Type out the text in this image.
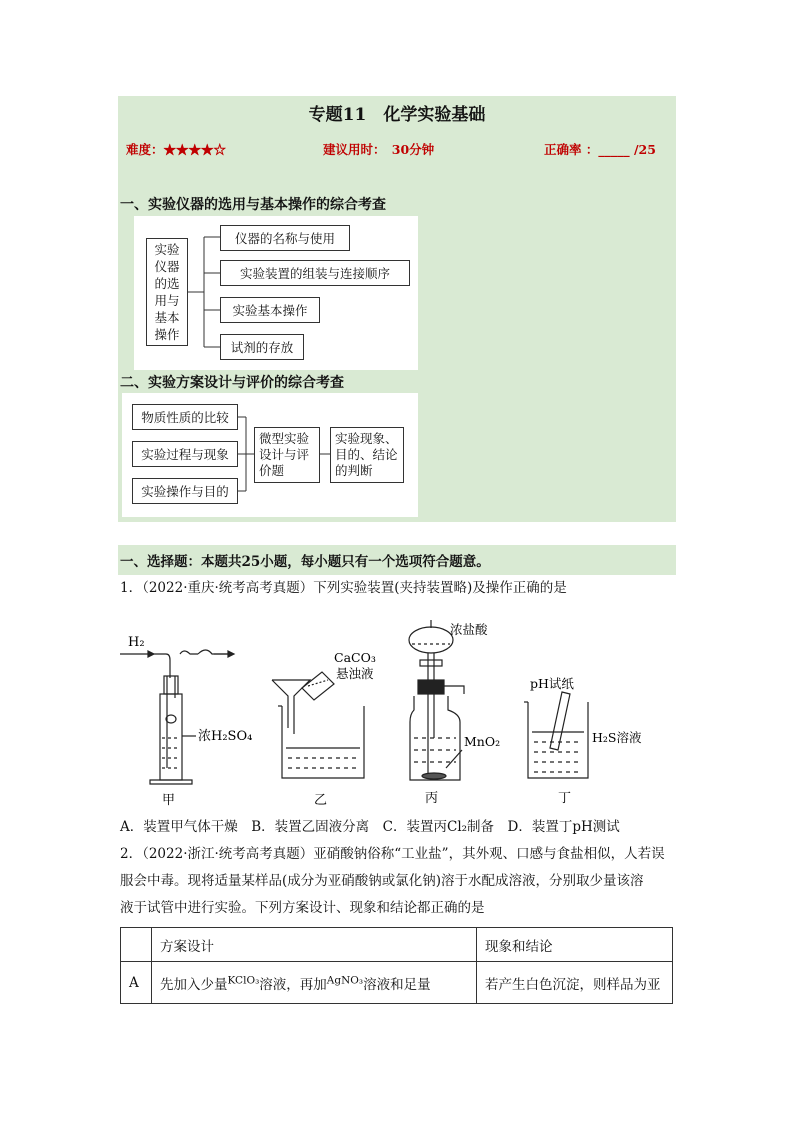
专题11　化学实验基础
难度：★★★★☆	建议用时：　30分钟	正确率 ：_____ /25
一、实验仪器的选用与基本操作的综合考查
实验仪器的选用与基本操作
仪器的名称与使用
实验装置的组装与连接顺序
实验基本操作
试剂的存放
二、实验方案设计与评价的综合考查
物质性质的比较
实验过程与现象
实验操作与目的
微型实验设计与评价题
实验现象、目的、结论的判断
一、选择题：本题共25小题，每小题只有一个选项符合题意。
1．（2022·重庆·统考高考真题）下列实验装置(夹持装置略)及操作正确的是
H₂
浓H₂SO₄
甲
CaCO₃
悬浊液
乙
浓盐酸
MnO₂
丙
pH试纸
H₂S溶液
丁
A．装置甲气体干燥　B．装置乙固液分离　C．装置丙Cl₂制备　D．装置丁pH测试
2．（2022·浙江·统考高考真题）亚硝酸钠俗称“工业盐”，其外观、口感与食盐相似，人若误
服会中毒。现将适量某样品(成分为亚硝酸钠或氯化钠)溶于水配成溶液，分别取少量该溶
液于试管中进行实验。下列方案设计、现象和结论都正确的是
	方案设计	现象和结论
A	先加入少量$^{KClO_3}$溶液，再加$^{AgNO_3}$溶液和足量	若产生白色沉淀，则样品为亚
